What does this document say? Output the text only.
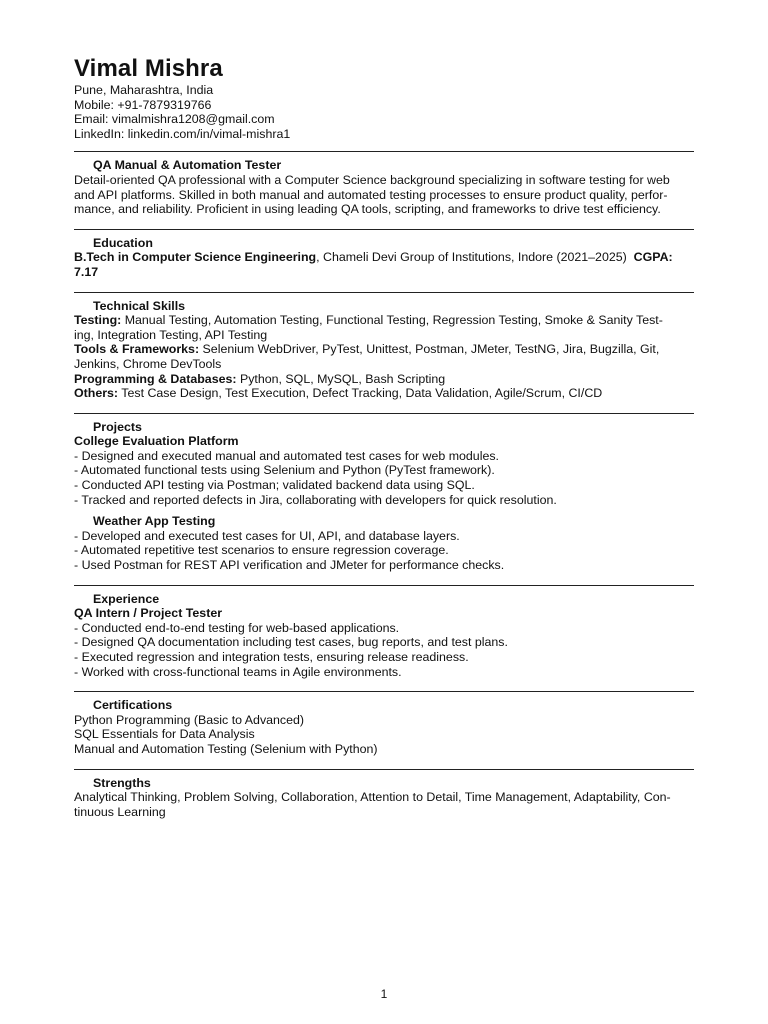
Vimal Mishra
Pune, Maharashtra, India
Mobile: +91-7879319766
Email: vimalmishra1208@gmail.com
LinkedIn: linkedin.com/in/vimal-mishra1
QA Manual & Automation Tester
Detail-oriented QA professional with a Computer Science background specializing in software testing for web
and API platforms. Skilled in both manual and automated testing processes to ensure product quality, perfor-
mance, and reliability. Proficient in using leading QA tools, scripting, and frameworks to drive test efficiency.
Education
B.Tech in Computer Science Engineering, Chameli Devi Group of Institutions, Indore (2021–2025) CGPA:
7.17
Technical Skills
Testing: Manual Testing, Automation Testing, Functional Testing, Regression Testing, Smoke & Sanity Test-
ing, Integration Testing, API Testing
Tools & Frameworks: Selenium WebDriver, PyTest, Unittest, Postman, JMeter, TestNG, Jira, Bugzilla, Git,
Jenkins, Chrome DevTools
Programming & Databases: Python, SQL, MySQL, Bash Scripting
Others: Test Case Design, Test Execution, Defect Tracking, Data Validation, Agile/Scrum, CI/CD
Projects
College Evaluation Platform
- Designed and executed manual and automated test cases for web modules.
- Automated functional tests using Selenium and Python (PyTest framework).
- Conducted API testing via Postman; validated backend data using SQL.
- Tracked and reported defects in Jira, collaborating with developers for quick resolution.
Weather App Testing
- Developed and executed test cases for UI, API, and database layers.
- Automated repetitive test scenarios to ensure regression coverage.
- Used Postman for REST API verification and JMeter for performance checks.
Experience
QA Intern / Project Tester
- Conducted end-to-end testing for web-based applications.
- Designed QA documentation including test cases, bug reports, and test plans.
- Executed regression and integration tests, ensuring release readiness.
- Worked with cross-functional teams in Agile environments.
Certifications
Python Programming (Basic to Advanced)
SQL Essentials for Data Analysis
Manual and Automation Testing (Selenium with Python)
Strengths
Analytical Thinking, Problem Solving, Collaboration, Attention to Detail, Time Management, Adaptability, Con-
tinuous Learning
1
